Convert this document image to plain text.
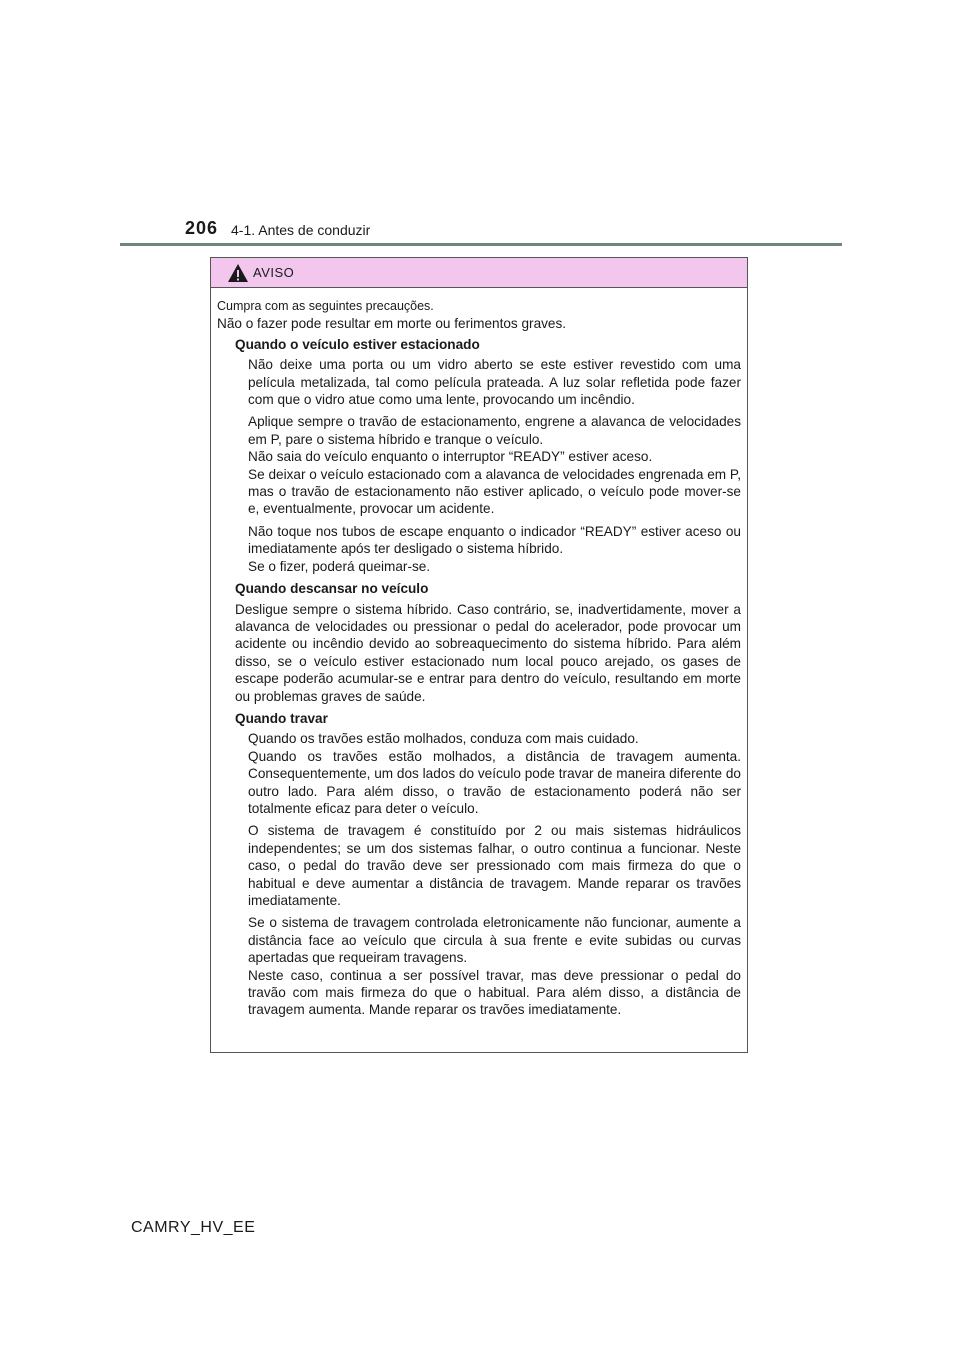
206 4-1. Antes de conduzir
AVISO

Cumpra com as seguintes precauções.

Não o fazer pode resultar em morte ou ferimentos graves.

Quando o veículo estiver estacionado

Não deixe uma porta ou um vidro aberto se este estiver revestido com uma película metalizada, tal como película prateada. A luz solar refletida pode fazer com que o vidro atue como uma lente, provocando um incêndio.

Aplique sempre o travão de estacionamento, engrene a alavanca de velocidades em P, pare o sistema híbrido e tranque o veículo.

Não saia do veículo enquanto o interruptor “READY” estiver aceso.

Se deixar o veículo estacionado com a alavanca de velocidades engrenada em P, mas o travão de estacionamento não estiver aplicado, o veículo pode mover-se e, eventualmente, provocar um acidente.

Não toque nos tubos de escape enquanto o indicador “READY” estiver aceso ou imediatamente após ter desligado o sistema híbrido.

Se o fizer, poderá queimar-se.

Quando descansar no veículo

Desligue sempre o sistema híbrido. Caso contrário, se, inadvertidamente, mover a alavanca de velocidades ou pressionar o pedal do acelerador, pode provocar um acidente ou incêndio devido ao sobreaquecimento do sistema híbrido. Para além disso, se o veículo estiver estacionado num local pouco arejado, os gases de escape poderão acumular-se e entrar para dentro do veículo, resultando em morte ou problemas graves de saúde.

Quando travar

Quando os travões estão molhados, conduza com mais cuidado.

Quando os travões estão molhados, a distância de travagem aumenta. Consequentemente, um dos lados do veículo pode travar de maneira diferente do outro lado. Para além disso, o travão de estacionamento poderá não ser totalmente eficaz para deter o veículo.

O sistema de travagem é constituído por 2 ou mais sistemas hidráulicos independentes; se um dos sistemas falhar, o outro continua a funcionar. Neste caso, o pedal do travão deve ser pressionado com mais firmeza do que o habitual e deve aumentar a distância de travagem. Mande reparar os travões imediatamente.

Se o sistema de travagem controlada eletronicamente não funcionar, aumente a distância face ao veículo que circula à sua frente e evite subidas ou curvas apertadas que requeiram travagens.

Neste caso, continua a ser possível travar, mas deve pressionar o pedal do travão com mais firmeza do que o habitual. Para além disso, a distância de travagem aumenta. Mande reparar os travões imediatamente.

CAMRY_HV_EE
